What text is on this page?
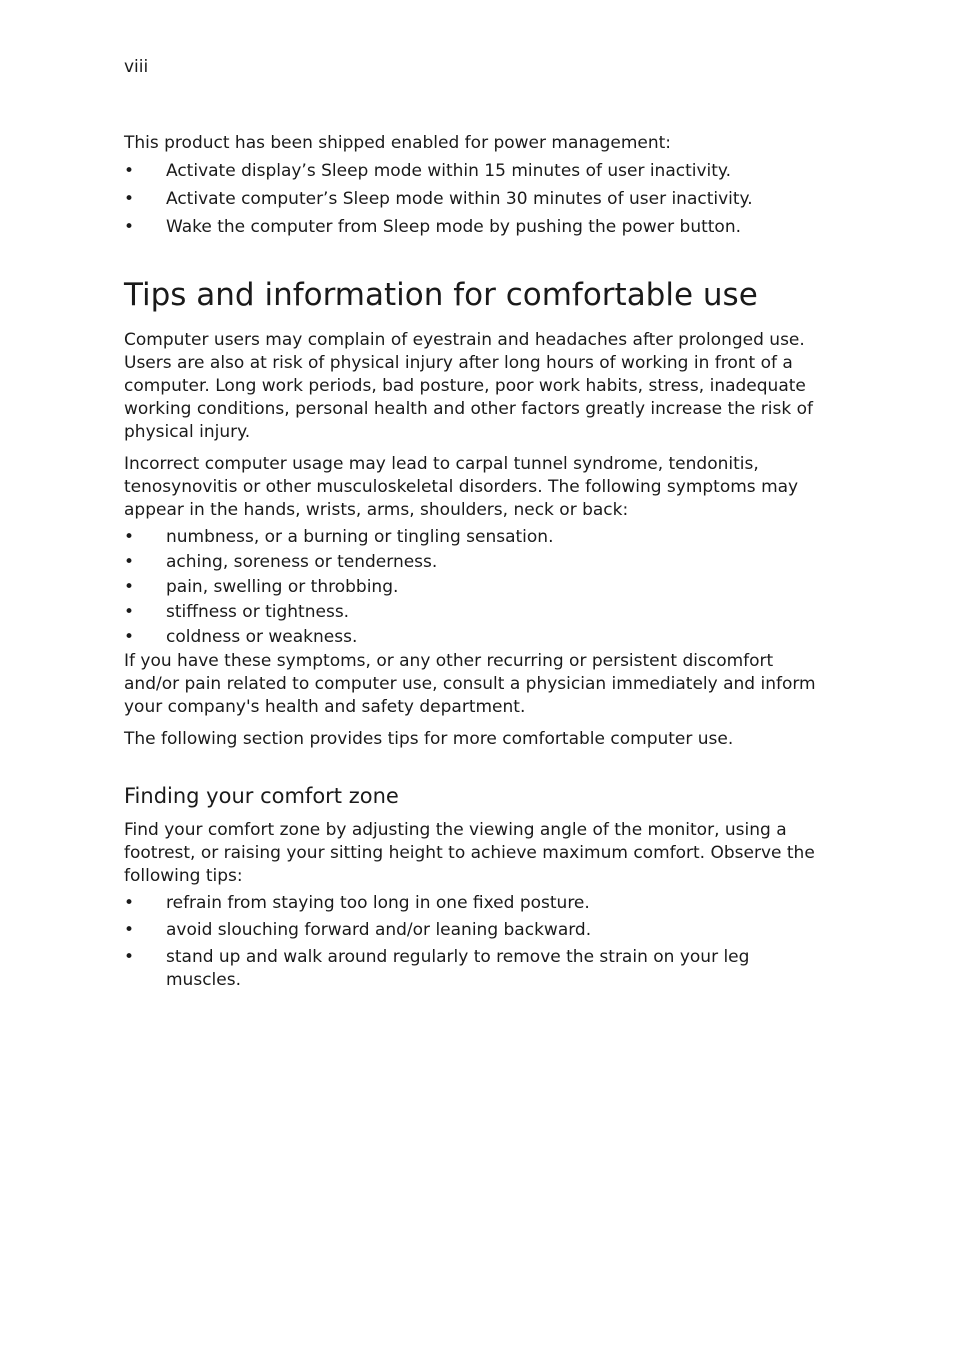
viii

This product has been shipped enabled for power management:

• Activate display’s Sleep mode within 15 minutes of user inactivity.
• Activate computer’s Sleep mode within 30 minutes of user inactivity.
• Wake the computer from Sleep mode by pushing the power button.
Tips and information for comfortable use

Computer users may complain of eyestrain and headaches after prolonged use. Users are also at risk of physical injury after long hours of working in front of a computer. Long work periods, bad posture, poor work habits, stress, inadequate working conditions, personal health and other factors greatly increase the risk of physical injury.

Incorrect computer usage may lead to carpal tunnel syndrome, tendonitis, tenosynovitis or other musculoskeletal disorders. The following symptoms may appear in the hands, wrists, arms, shoulders, neck or back:

• numbness, or a burning or tingling sensation.
• aching, soreness or tenderness.
• pain, swelling or throbbing.
• stiffness or tightness.
• coldness or weakness.

If you have these symptoms, or any other recurring or persistent discomfort and/or pain related to computer use, consult a physician immediately and inform your company's health and safety department.

The following section provides tips for more comfortable computer use.

Finding your comfort zone

Find your comfort zone by adjusting the viewing angle of the monitor, using a footrest, or raising your sitting height to achieve maximum comfort. Observe the following tips:

• refrain from staying too long in one fixed posture.
• avoid slouching forward and/or leaning backward.
• stand up and walk around regularly to remove the strain on your leg muscles.
